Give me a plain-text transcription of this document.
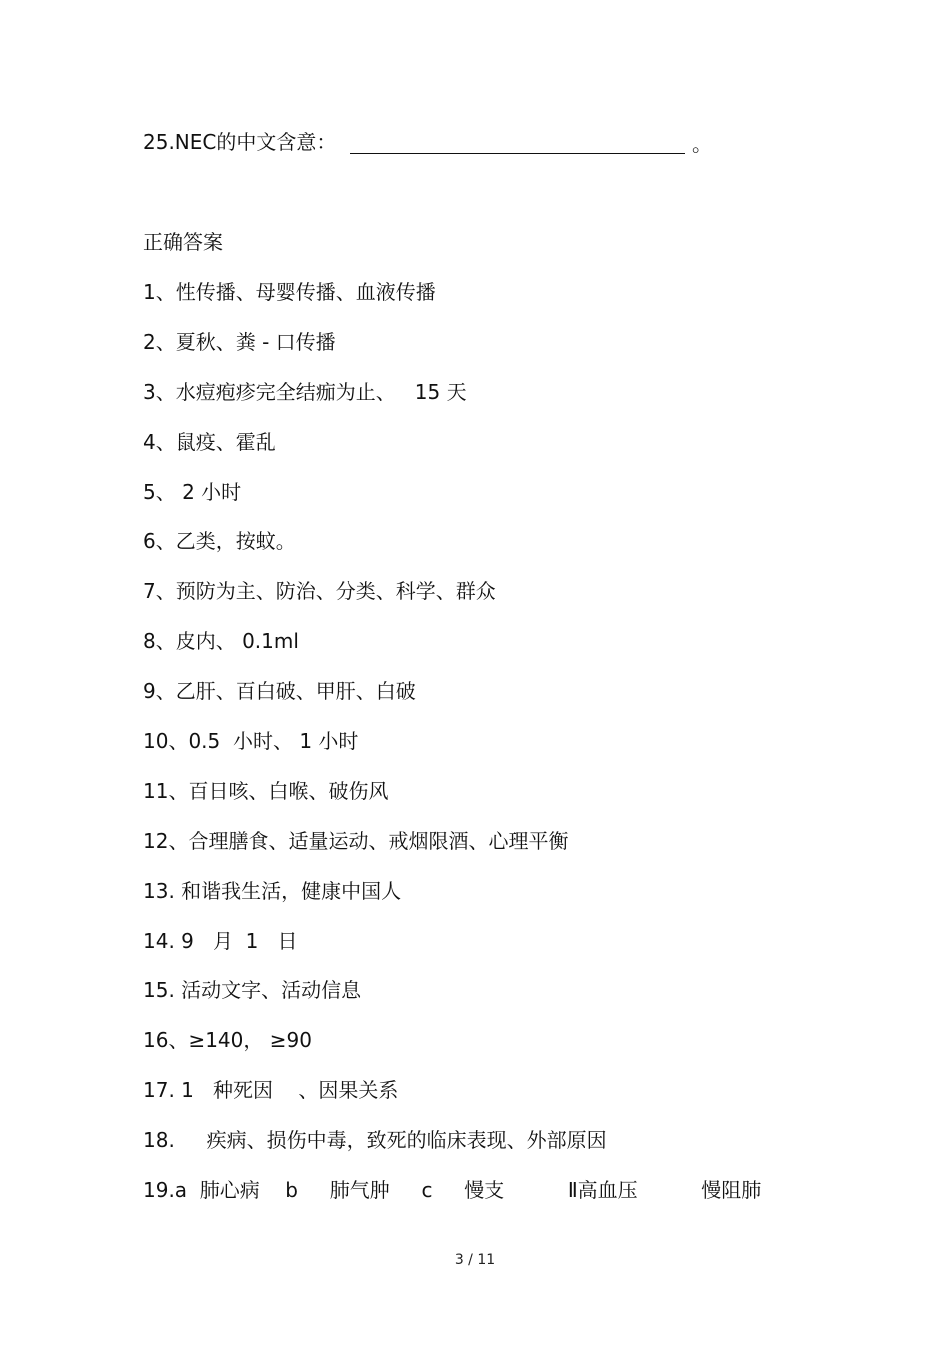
25.NEC的中文含意：	。
正确答案
1、性传播、母婴传播、血液传播
2、夏秋、粪 - 口传播
3、水痘疱疹完全结痂为止、   15 天
4、鼠疫、霍乱
5、 2 小时
6、乙类，按蚊。
7、预防为主、防治、分类、科学、群众
8、皮内、 0.1ml
9、乙肝、百白破、甲肝、白破
10、0.5  小时、 1 小时
11、百日咳、白喉、破伤风
12、合理膳食、适量运动、戒烟限酒、心理平衡
13. 和谐我生活，健康中国人
14. 9   月  1   日
15. 活动文字、活动信息
16、≥140， ≥90
17. 1   种死因    、因果关系
18.     疾病、损伤中毒，致死的临床表现、外部原因
19.a  肺心病    b     肺气肿     c     慢支          Ⅱ高血压          慢阻肺
3 / 11
